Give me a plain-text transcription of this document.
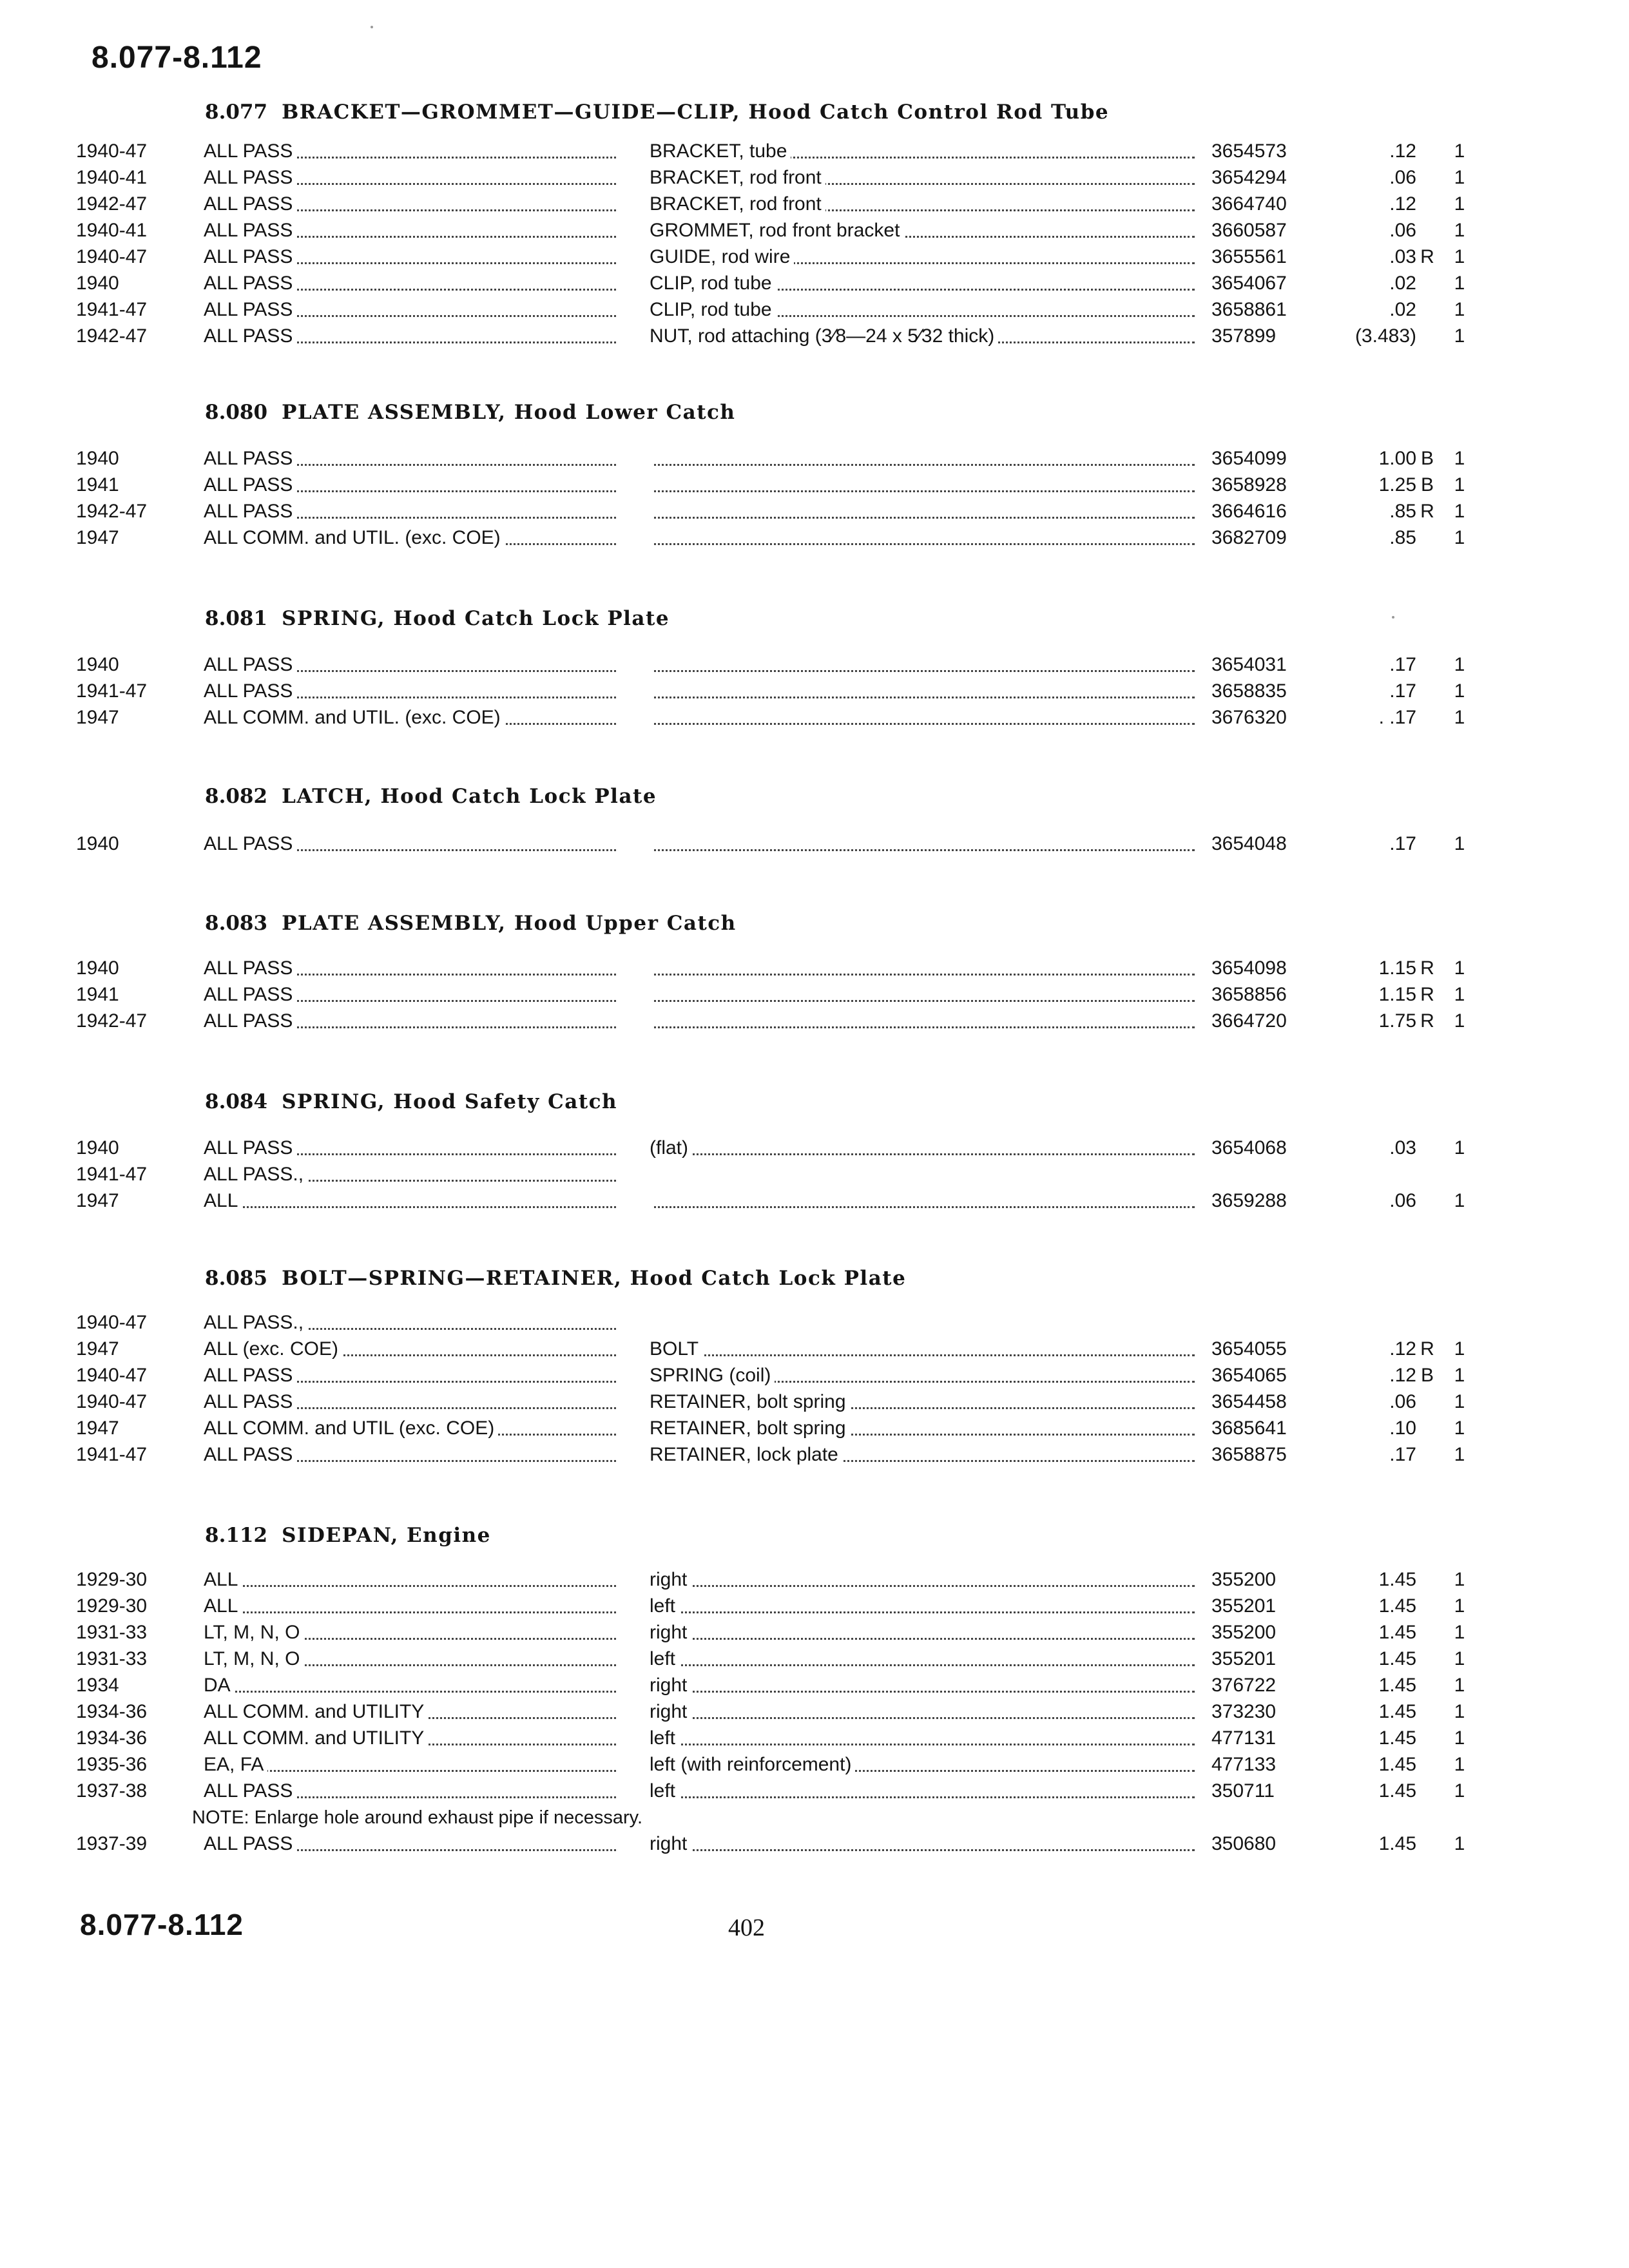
8.077-8.112
8.077 BRACKET—GROMMET—GUIDE—CLIP, Hood Catch Control Rod Tube
1940-47	ALL PASS	BRACKET, tube	3654573	.12 1
1940-41	ALL PASS	BRACKET, rod front	3654294	.06 1
1942-47	ALL PASS	BRACKET, rod front	3664740	.12 1
1940-41	ALL PASS	GROMMET, rod front bracket	3660587	.06 1
1940-47	ALL PASS	GUIDE, rod wire	3655561	.03 R 1
1940	ALL PASS	CLIP, rod tube	3654067	.02 1
1941-47	ALL PASS	CLIP, rod tube	3658861	.02 1
1942-47	ALL PASS	NUT, rod attaching (3⁄8—24 x 5⁄32 thick)	357899	(3.483) 1
8.080 PLATE ASSEMBLY, Hood Lower Catch
1940	ALL PASS	3654099	1.00 B 1
1941	ALL PASS	3658928	1.25 B 1
1942-47	ALL PASS	3664616	.85 R 1
1947	ALL COMM. and UTIL. (exc. COE)	3682709	.85 1
8.081 SPRING, Hood Catch Lock Plate
1940	ALL PASS	3654031	.17 1
1941-47	ALL PASS	3658835	.17 1
1947	ALL COMM. and UTIL. (exc. COE)	3676320	. .17 1
8.082 LATCH, Hood Catch Lock Plate
1940	ALL PASS	3654048	.17 1
8.083 PLATE ASSEMBLY, Hood Upper Catch
1940	ALL PASS	3654098	1.15 R 1
1941	ALL PASS	3658856	1.15 R 1
1942-47	ALL PASS	3664720	1.75 R 1
8.084 SPRING, Hood Safety Catch
1940	ALL PASS	(flat)	3654068	.03 1
1941-47	ALL PASS.,
1947	ALL	3659288	.06 1
8.085 BOLT—SPRING—RETAINER, Hood Catch Lock Plate
1940-47	ALL PASS.,
1947	ALL (exc. COE)	BOLT	3654055	.12 R 1
1940-47	ALL PASS	SPRING (coil)	3654065	.12 B 1
1940-47	ALL PASS	RETAINER, bolt spring	3654458	.06 1
1947	ALL COMM. and UTIL (exc. COE)	RETAINER, bolt spring	3685641	.10 1
1941-47	ALL PASS	RETAINER, lock plate	3658875	.17 1
8.112 SIDEPAN, Engine
1929-30	ALL	right	355200	1.45 1
1929-30	ALL	left	355201	1.45 1
1931-33	LT, M, N, O	right	355200	1.45 1
1931-33	LT, M, N, O	left	355201	1.45 1
1934	DA	right	376722	1.45 1
1934-36	ALL COMM. and UTILITY	right	373230	1.45 1
1934-36	ALL COMM. and UTILITY	left	477131	1.45 1
1935-36	EA, FA	left (with reinforcement)	477133	1.45 1
1937-38	ALL PASS	left	350711	1.45 1
NOTE: Enlarge hole around exhaust pipe if necessary.
1937-39	ALL PASS	right	350680	1.45 1
8.077-8.112	402
